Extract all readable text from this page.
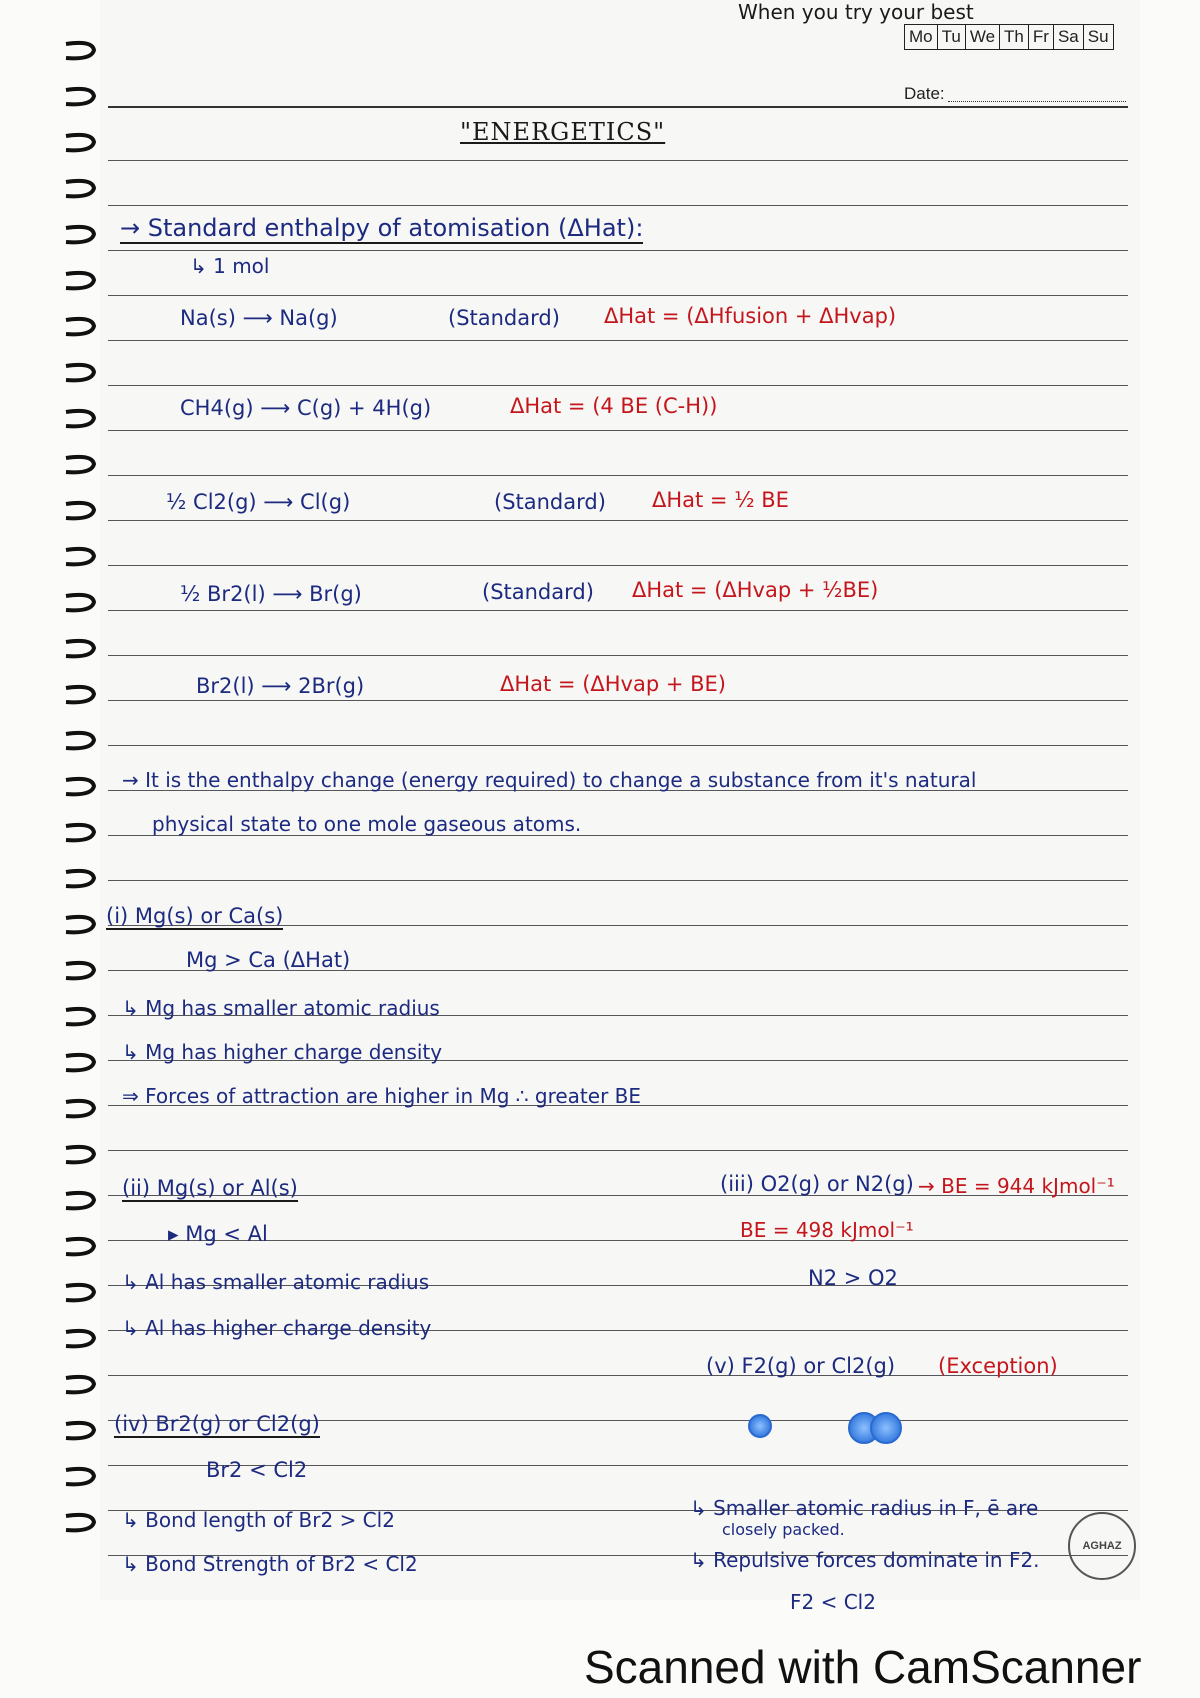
When you try your best
Mo Tu We Th Fr Sa Su
Date:
"ENERGETICS"
→ Standard enthalpy of atomisation (ΔHat):
↳ 1 mol
Na(s) ⟶ Na(g)	(Standard) ΔHat = (ΔHfusion + ΔHvap)
CH4(g) ⟶ C(g) + 4H(g)	ΔHat = (4 BE (C-H))
½ Cl2(g) ⟶ Cl(g)	(Standard) ΔHat = ½ BE
½ Br2(l) ⟶ Br(g)	(Standard) ΔHat = (ΔHvap + ½BE)
Br2(l) ⟶ 2Br(g)	ΔHat = (ΔHvap + BE)
→ It is the enthalpy change (energy required) to change a substance from it's natural
physical state to one mole gaseous atoms.
(i) Mg(s) or Ca(s)
Mg > Ca (ΔHat)
↳ Mg has smaller atomic radius
↳ Mg has higher charge density
⇒ Forces of attraction are higher in Mg ∴ greater BE
(ii) Mg(s) or Al(s)
▸ Mg < Al
↳ Al has smaller atomic radius
↳ Al has higher charge density
(iii) O2(g) or N2(g) → BE = 944 kJmol⁻¹
BE = 498 kJmol⁻¹
N2 > O2
(v) F2(g) or Cl2(g) (Exception)
(iv) Br2(g) or Cl2(g)
Br2 < Cl2
↳ Bond length of Br2 > Cl2
↳ Bond Strength of Br2 < Cl2
↳ Smaller atomic radius in F, ē are
closely packed.
↳ Repulsive forces dominate in F2.
F2 < Cl2
AGHAZ
Scanned with CamScanner
